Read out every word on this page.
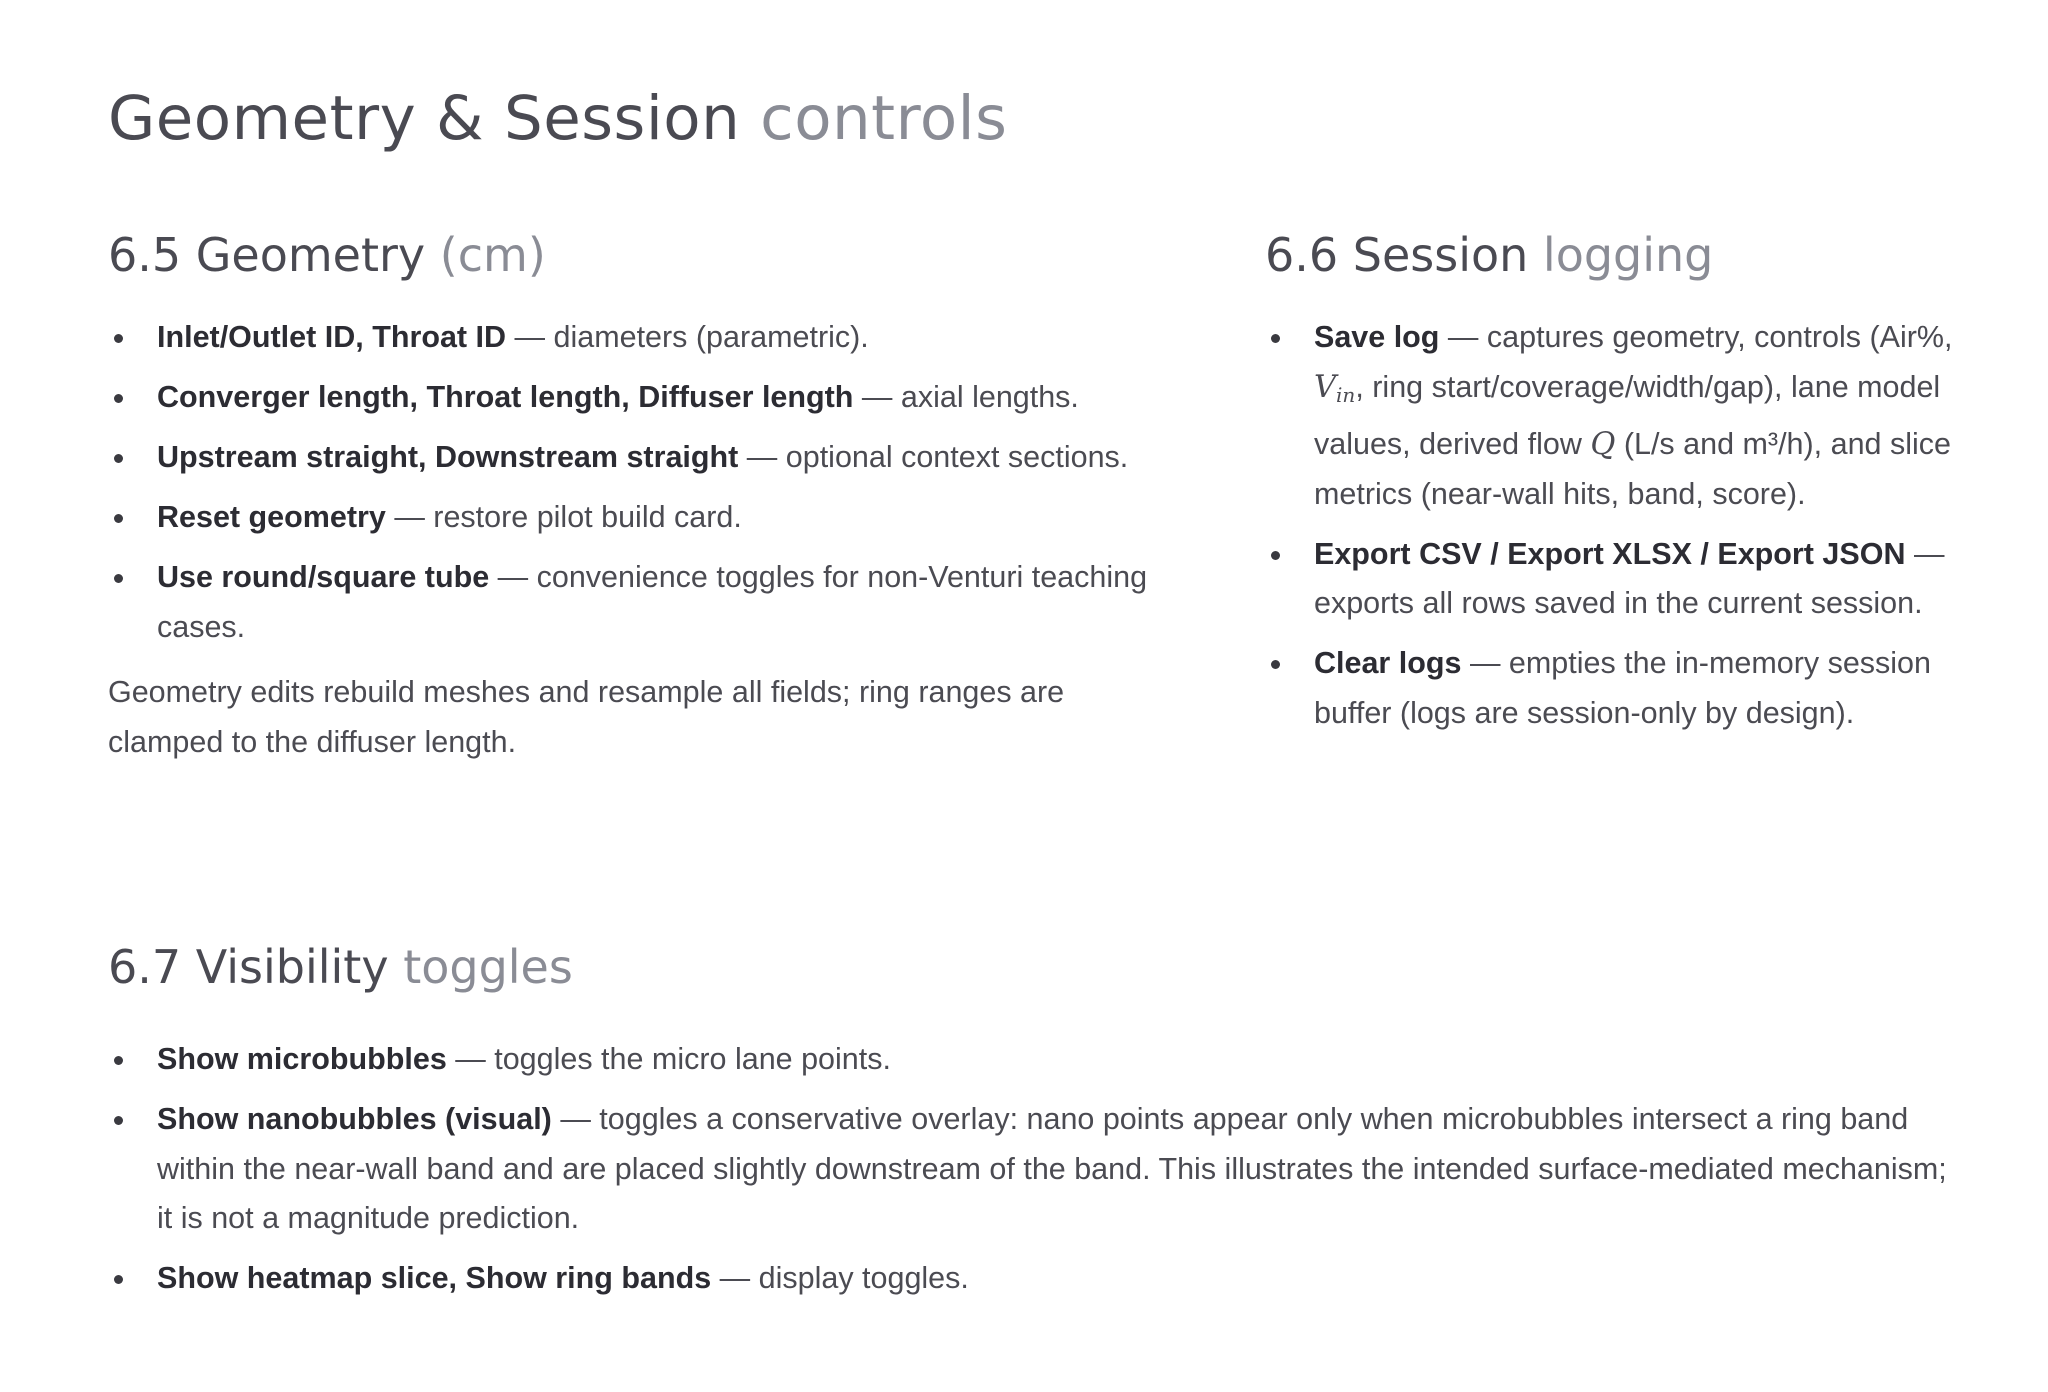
Geometry & Session controls
6.5 Geometry (cm)
Inlet/Outlet ID, Throat ID — diameters (parametric).
Converger length, Throat length, Diffuser length — axial lengths.
Upstream straight, Downstream straight — optional context sections.
Reset geometry — restore pilot build card.
Use round/square tube — convenience toggles for non-Venturi teaching cases.

Geometry edits rebuild meshes and resample all fields; ring ranges are clamped to the diffuser length.

6.6 Session logging
Save log — captures geometry, controls (Air%, $V_{in}$, ring start/coverage/width/gap), lane model values, derived flow Q (L/s and m³/h), and slice metrics (near-wall hits, band, score).
Export CSV / Export XLSX / Export JSON — exports all rows saved in the current session.
Clear logs — empties the in-memory session buffer (logs are session-only by design).
6.7 Visibility toggles
Show microbubbles — toggles the micro lane points.
Show nanobubbles (visual) — toggles a conservative overlay: nano points appear only when microbubbles intersect a ring band within the near-wall band and are placed slightly downstream of the band. This illustrates the intended surface-mediated mechanism; it is not a magnitude prediction.
Show heatmap slice, Show ring bands — display toggles.
